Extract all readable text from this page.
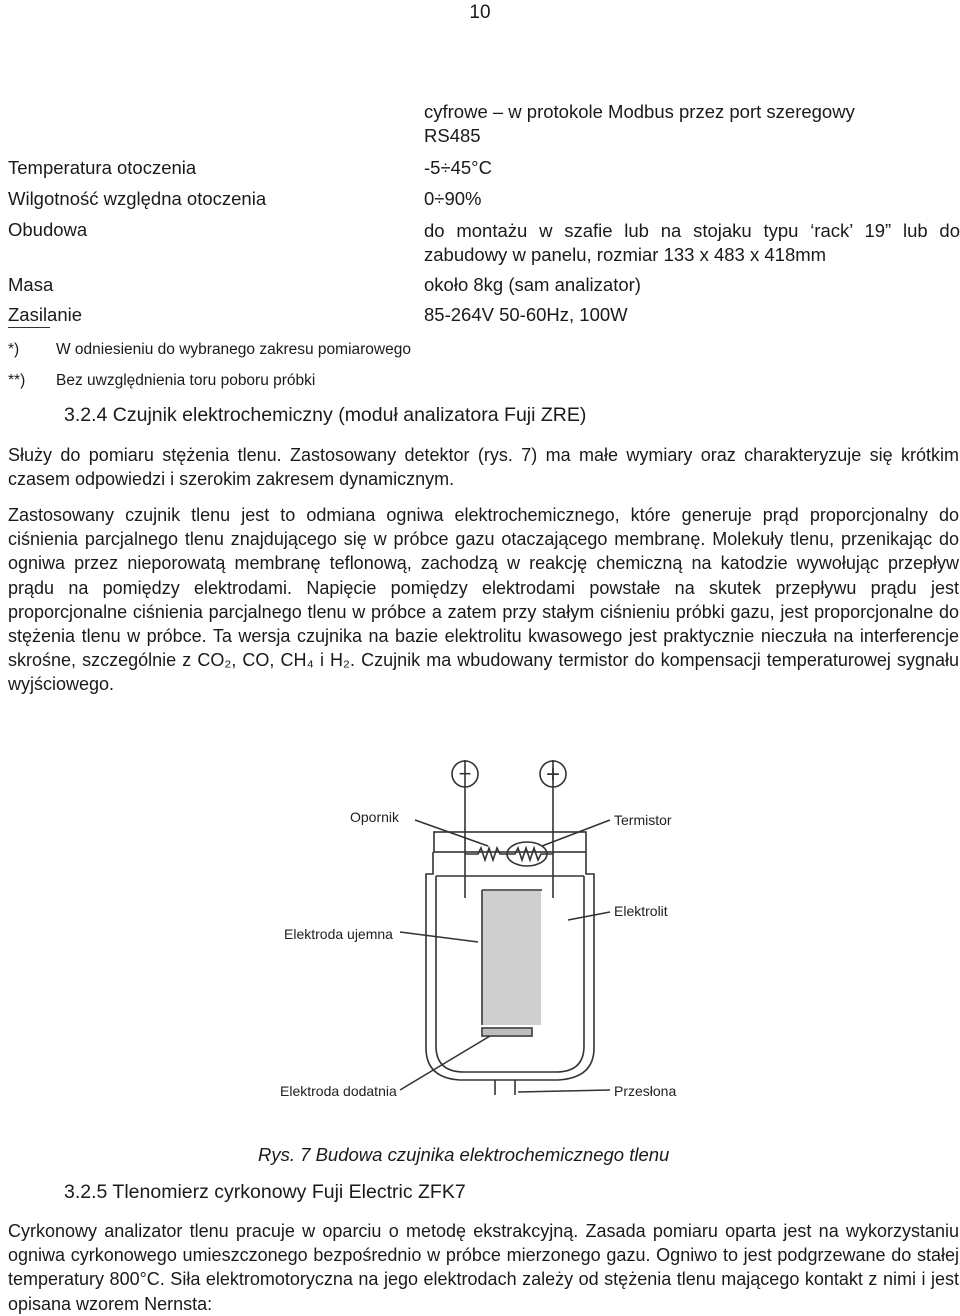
10
cyfrowe – w protokole Modbus przez port szeregowy RS485
Temperatura otoczenia	-5÷45°C
Wilgotność względna otoczenia	0÷90%
Obudowa	do montażu w szafie lub na stojaku typu ‘rack’ 19” lub do zabudowy w panelu, rozmiar 133 x 483 x 418mm
Masa	około 8kg (sam analizator)
Zasilanie	85-264V 50-60Hz, 100W
*) W odniesieniu do wybranego zakresu pomiarowego
**) Bez uwzględnienia toru poboru próbki
3.2.4 Czujnik elektrochemiczny (moduł analizatora Fuji ZRE)

Służy do pomiaru stężenia tlenu. Zastosowany detektor (rys. 7) ma małe wymiary oraz charakteryzuje się krótkim czasem odpowiedzi i szerokim zakresem dynamicznym.

Zastosowany czujnik tlenu jest to odmiana ogniwa elektrochemicznego, które generuje prąd proporcjonalny do ciśnienia parcjalnego tlenu znajdującego się w próbce gazu otaczającego membranę. Molekuły tlenu, przenikając do ogniwa przez nieporowatą membranę teflonową, zachodzą w reakcję chemiczną na katodzie wywołując przepływ prądu na pomiędzy elektrodami. Napięcie pomiędzy elektrodami powstałe na skutek przepływu prądu jest proporcjonalne ciśnienia parcjalnego tlenu w próbce a zatem przy stałym ciśnieniu próbki gazu, jest proporcjonalne do stężenia tlenu w próbce. Ta wersja czujnika na bazie elektrolitu kwasowego jest praktycznie nieczuła na interferencje skrośne, szczególnie z CO₂, CO, CH₄ i H₂. Czujnik ma wbudowany termistor do kompensacji temperaturowej sygnału wyjściowego.

−	+
Opornik	Termistor
Elektrolit
Elektroda ujemna
Elektroda dodatnia	Przesłona
Rys. 7 Budowa czujnika elektrochemicznego tlenu
3.2.5 Tlenomierz cyrkonowy Fuji Electric ZFK7

Cyrkonowy analizator tlenu pracuje w oparciu o metodę ekstrakcyjną. Zasada pomiaru oparta jest na wykorzystaniu ogniwa cyrkonowego umieszczonego bezpośrednio w próbce mierzonego gazu. Ogniwo to jest podgrzewane do stałej temperatury 800°C. Siła elektromotoryczna na jego elektrodach zależy od stężenia tlenu mającego kontakt z nimi i jest opisana wzorem Nernsta:
